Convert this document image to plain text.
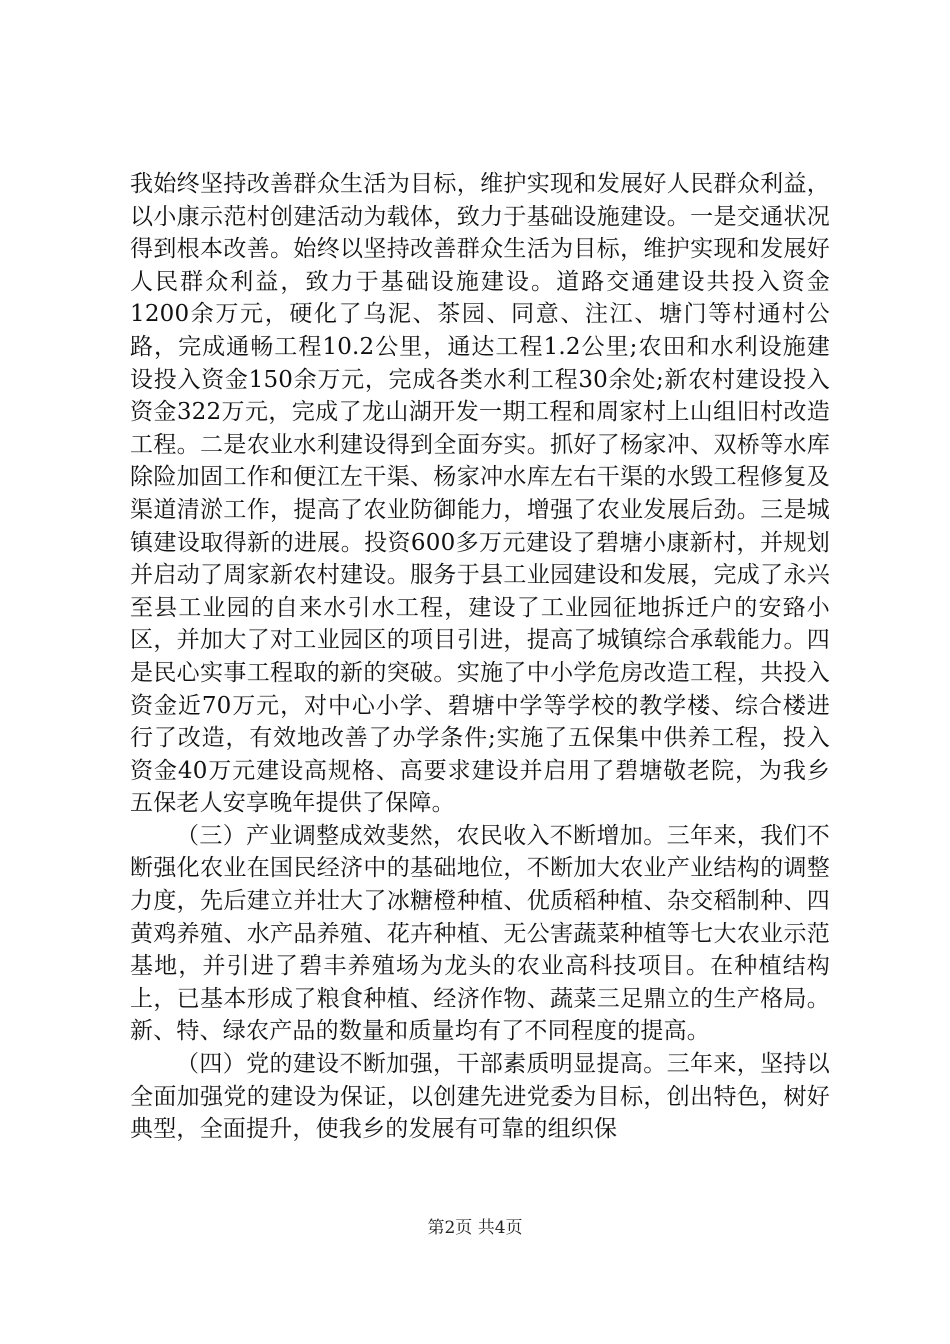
我始终坚持改善群众生活为目标，维护实现和发展好人民群众利益，以小康示范村创建活动为载体，致力于基础设施建设。一是交通状况得到根本改善。始终以坚持改善群众生活为目标，维护实现和发展好人民群众利益，致力于基础设施建设。道路交通建设共投入资金1200余万元，硬化了乌泥、茶园、同意、注江、塘门等村通村公路，完成通畅工程10.2公里，通达工程1.2公里;农田和水利设施建设投入资金150余万元，完成各类水利工程30余处;新农村建设投入资金322万元，完成了龙山湖开发一期工程和周家村上山组旧村改造工程。二是农业水利建设得到全面夯实。抓好了杨家冲、双桥等水库除险加固工作和便江左干渠、杨家冲水库左右干渠的水毁工程修复及渠道清淤工作，提高了农业防御能力，增强了农业发展后劲。三是城镇建设取得新的进展。投资600多万元建设了碧塘小康新村，并规划并启动了周家新农村建设。服务于县工业园建设和发展，完成了永兴至县工业园的自来水引水工程，建设了工业园征地拆迁户的安臵小区，并加大了对工业园区的项目引进，提高了城镇综合承载能力。四是民心实事工程取的新的突破。实施了中小学危房改造工程，共投入资金近70万元，对中心小学、碧塘中学等学校的教学楼、综合楼进行了改造，有效地改善了办学条件;实施了五保集中供养工程，投入资金40万元建设高规格、高要求建设并启用了碧塘敬老院，为我乡五保老人安享晚年提供了保障。

（三）产业调整成效斐然，农民收入不断增加。三年来，我们不断强化农业在国民经济中的基础地位，不断加大农业产业结构的调整力度，先后建立并壮大了冰糖橙种植、优质稻种植、杂交稻制种、四黄鸡养殖、水产品养殖、花卉种植、无公害蔬菜种植等七大农业示范基地，并引进了碧丰养殖场为龙头的农业高科技项目。在种植结构上，已基本形成了粮食种植、经济作物、蔬菜三足鼎立的生产格局。新、特、绿农产品的数量和质量均有了不同程度的提高。

（四）党的建设不断加强，干部素质明显提高。三年来，坚持以全面加强党的建设为保证，以创建先进党委为目标，创出特色，树好典型，全面提升，使我乡的发展有可靠的组织保

第2页 共4页
